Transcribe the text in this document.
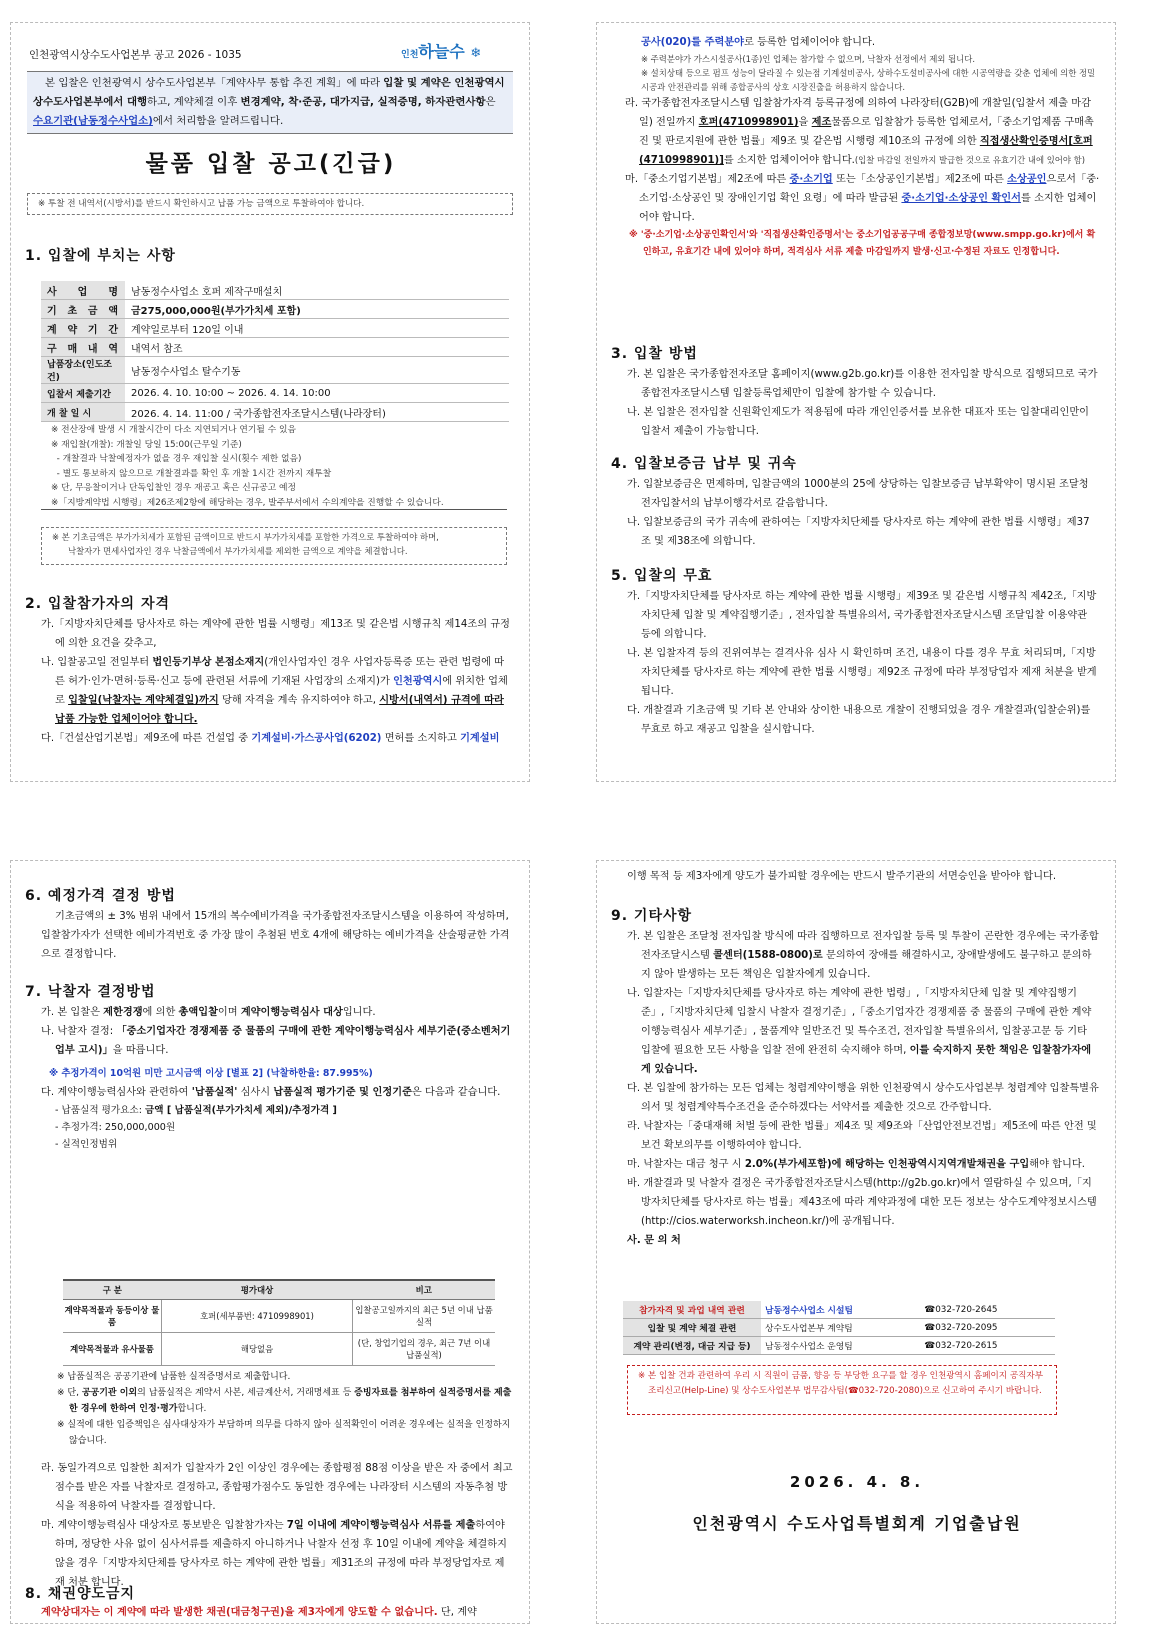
인천광역시상수도사업본부 공고 2026 - 1035	인천하늘수 ❄
본 입찰은 인천광역시 상수도사업본부「계약사무 통합 추진 계획」에 따라 입찰 및 계약은 인천광역시 상수도사업본부에서 대행하고, 계약체결 이후 변경계약, 착·준공, 대가지급, 실적증명, 하자관련사항은 수요기관(남동정수사업소)에서 처리함을 알려드립니다.
물품 입찰 공고(긴급)
※ 투찰 전 내역서(시방서)를 반드시 확인하시고 납품 가능 금액으로 투찰하여야 합니다.
1. 입찰에 부치는 사항
사 업 명	남동정수사업소 호퍼 제작구매설치
기 초 금 액	금275,000,000원(부가가치세 포함)
계 약 기 간	계약일로부터 120일 이내
구 매 내 역	내역서 참조
납품장소(인도조건)	남동정수사업소 탈수기동
입찰서 제출기간	2026. 4. 10. 10:00 ~ 2026. 4. 14. 10:00
개 찰 일 시	2026. 4. 14. 11:00 / 국가종합전자조달시스템(나라장터)
※ 전산장애 발생 시 개찰시간이 다소 지연되거나 연기될 수 있음
※ 재입찰(개찰): 개찰일 당일 15:00(근무일 기준)
- 개찰결과 낙찰예정자가 없을 경우 재입찰 실시(횟수 제한 없음)
- 별도 통보하지 않으므로 개찰결과를 확인 후 개찰 1시간 전까지 재투찰
※ 단, 무응찰이거나 단독입찰인 경우 재공고 혹은 신규공고 예정
※「지방계약법 시행령」제26조제2항에 해당하는 경우, 발주부서에서 수의계약을 진행할 수 있습니다.
※ 본 기초금액은 부가가치세가 포함된 금액이므로 반드시 부가가치세를 포함한 가격으로 투찰하여야 하며,
낙찰자가 면세사업자인 경우 낙찰금액에서 부가가치세를 제외한 금액으로 계약을 체결합니다.
2. 입찰참가자의 자격
가.「지방자치단체를 당사자로 하는 계약에 관한 법률 시행령」제13조 및 같은법 시행규칙 제14조의 규정에 의한 요건을 갖추고,
나. 입찰공고일 전일부터 법인등기부상 본점소재지(개인사업자인 경우 사업자등록증 또는 관련 법령에 따른 허가·인가·면허·등록·신고 등에 관련된 서류에 기재된 사업장의 소재지)가 인천광역시에 위치한 업체로 입찰일(낙찰자는 계약체결일)까지 당해 자격을 계속 유지하여야 하고, 시방서(내역서) 규격에 따라 납품 가능한 업체이어야 합니다.
다.「건설산업기본법」제9조에 따른 건설업 중 기계설비·가스공사업(6202) 면허를 소지하고 기계설비
공사(020)를 주력분야로 등록한 업체이어야 합니다.
※ 주력분야가 가스시설공사(1종)인 업체는 참가할 수 없으며, 낙찰자 선정에서 제외 됩니다.
※ 설치상태 등으로 펌프 성능이 달라질 수 있는점 기계설비공사, 상하수도설비공사에 대한 시공역량을 갖춘 업체에 의한 정밀시공과 안전관리를 위해 종합공사의 상호 시장진출을 허용하지 않습니다.
라. 국가종합전자조달시스템 입찰참가자격 등록규정에 의하여 나라장터(G2B)에 개찰일(입찰서 제출 마감일) 전일까지 호퍼(4710998901)을 제조물품으로 입찰참가 등록한 업체로서,「중소기업제품 구매촉진 및 판로지원에 관한 법률」제9조 및 같은법 시행령 제10조의 규정에 의한 직접생산확인증명서[호퍼(4710998901)]를 소지한 업체이어야 합니다.(입찰 마감일 전일까지 발급한 것으로 유효기간 내에 있어야 함)
마.「중소기업기본법」제2조에 따른 중·소기업 또는「소상공인기본법」제2조에 따른 소상공인으로서「중·소기업·소상공인 및 장애인기업 확인 요령」에 따라 발급된 중·소기업·소상공인 확인서를 소지한 업체이어야 합니다.
※ '중·소기업·소상공인확인서'와 '직접생산확인증명서'는 중소기업공공구매 종합정보망(www.smpp.go.kr)에서 확인하고, 유효기간 내에 있어야 하며, 적격심사 서류 제출 마감일까지 발생·신고·수정된 자료도 인정합니다.
3. 입찰 방법
가. 본 입찰은 국가종합전자조달 홈페이지(www.g2b.go.kr)를 이용한 전자입찰 방식으로 집행되므로 국가종합전자조달시스템 입찰등록업체만이 입찰에 참가할 수 있습니다.
나. 본 입찰은 전자입찰 신원확인제도가 적용됨에 따라 개인인증서를 보유한 대표자 또는 입찰대리인만이 입찰서 제출이 가능합니다.
4. 입찰보증금 납부 및 귀속
가. 입찰보증금은 면제하며, 입찰금액의 1000분의 25에 상당하는 입찰보증금 납부확약이 명시된 조달청 전자입찰서의 납부이행각서로 갈음합니다.
나. 입찰보증금의 국가 귀속에 관하여는「지방자치단체를 당사자로 하는 계약에 관한 법률 시행령」제37조 및 제38조에 의합니다.
5. 입찰의 무효
가.「지방자치단체를 당사자로 하는 계약에 관한 법률 시행령」제39조 및 같은법 시행규칙 제42조,「지방자치단체 입찰 및 계약집행기준」, 전자입찰 특별유의서, 국가종합전자조달시스템 조달입찰 이용약관 등에 의합니다.
나. 본 입찰자격 등의 진위여부는 결격사유 심사 시 확인하며 조건, 내용이 다를 경우 무효 처리되며,「지방자치단체를 당사자로 하는 계약에 관한 법률 시행령」제92조 규정에 따라 부정당업자 제재 처분을 받게 됩니다.
다. 개찰결과 기초금액 및 기타 본 안내와 상이한 내용으로 개찰이 진행되었을 경우 개찰결과(입찰순위)를 무효로 하고 재공고 입찰을 실시합니다.
6. 예정가격 결정 방법
기초금액의 ± 3% 범위 내에서 15개의 복수예비가격을 국가종합전자조달시스템을 이용하여 작성하며, 입찰참가자가 선택한 예비가격번호 중 가장 많이 추첨된 번호 4개에 해당하는 예비가격을 산술평균한 가격으로 결정합니다.
7. 낙찰자 결정방법
가. 본 입찰은 제한경쟁에 의한 총액입찰이며 계약이행능력심사 대상입니다.
나. 낙찰자 결정: 「중소기업자간 경쟁제품 중 물품의 구매에 관한 계약이행능력심사 세부기준(중소벤처기업부 고시)」을 따릅니다.
※ 추정가격이 10억원 미만 고시금액 이상 [별표 2] (낙찰하한율: 87.995%)
다. 계약이행능력심사와 관련하여 '납품실적' 심사시 납품실적 평가기준 및 인정기준은 다음과 같습니다.
- 납품실적 평가요소: 금액 [ 납품실적(부가가치세 제외)/추정가격 ]
- 추정가격: 250,000,000원
- 실적인정범위
구 분	평가대상	비고
계약목적물과 동등이상 물품	호퍼(세부품번: 4710998901)	입찰공고일까지의 최근 5년 이내 납품실적
계약목적물과 유사물품	해당없음	(단, 창업기업의 경우, 최근 7년 이내 납품실적)
※ 납품실적은 공공기관에 납품한 실적증명서로 제출합니다.
※ 단, 공공기관 이외의 납품실적은 계약서 사본, 세금계산서, 거래명세표 등 증빙자료를 첨부하여 실적증명서를 제출한 경우에 한하여 인정·평가합니다.
※ 실적에 대한 입증책임은 심사대상자가 부담하며 의무를 다하지 않아 실적확인이 어려운 경우에는 실적을 인정하지 않습니다.
라. 동일가격으로 입찰한 최저가 입찰자가 2인 이상인 경우에는 종합평점 88점 이상을 받은 자 중에서 최고점수를 받은 자를 낙찰자로 결정하고, 종합평가점수도 동일한 경우에는 나라장터 시스템의 자동추첨 방식을 적용하여 낙찰자를 결정합니다.
마. 계약이행능력심사 대상자로 통보받은 입찰참가자는 7일 이내에 계약이행능력심사 서류를 제출하여야 하며, 정당한 사유 없이 심사서류를 제출하지 아니하거나 낙찰자 선정 후 10일 이내에 계약을 체결하지 않을 경우「지방자치단체를 당사자로 하는 계약에 관한 법률」제31조의 규정에 따라 부정당업자로 제재 처분 합니다.
8. 채권양도금지
계약상대자는 이 계약에 따라 발생한 채권(대금청구권)을 제3자에게 양도할 수 없습니다. 단, 계약
이행 목적 등 제3자에게 양도가 불가피할 경우에는 반드시 발주기관의 서면승인을 받아야 합니다.
9. 기타사항
가. 본 입찰은 조달청 전자입찰 방식에 따라 집행하므로 전자입찰 등록 및 투찰이 곤란한 경우에는 국가종합전자조달시스템 콜센터(1588-0800)로 문의하여 장애를 해결하시고, 장애발생에도 불구하고 문의하지 않아 발생하는 모든 책임은 입찰자에게 있습니다.
나. 입찰자는「지방자치단체를 당사자로 하는 계약에 관한 법령」,「지방자치단체 입찰 및 계약집행기준」,「지방자치단체 입찰시 낙찰자 결정기준」,「중소기업자간 경쟁제품 중 물품의 구매에 관한 계약이행능력심사 세부기준」, 물품계약 일반조건 및 특수조건, 전자입찰 특별유의서, 입찰공고문 등 기타 입찰에 필요한 모든 사항을 입찰 전에 완전히 숙지해야 하며, 이를 숙지하지 못한 책임은 입찰참가자에게 있습니다.
다. 본 입찰에 참가하는 모든 업체는 청렴계약이행을 위한 인천광역시 상수도사업본부 청렴계약 입찰특별유의서 및 청렴계약특수조건을 준수하겠다는 서약서를 제출한 것으로 간주합니다.
라. 낙찰자는「중대재해 처벌 등에 관한 법률」제4조 및 제9조와「산업안전보건법」제5조에 따른 안전 및 보건 확보의무를 이행하여야 합니다.
마. 낙찰자는 대금 청구 시 2.0%(부가세포함)에 해당하는 인천광역시지역개발채권을 구입해야 합니다.
바. 개찰결과 및 낙찰자 결정은 국가종합전자조달시스템(http://g2b.go.kr)에서 열람하실 수 있으며,「지방자치단체를 당사자로 하는 법률」제43조에 따라 계약과정에 대한 모든 정보는 상수도계약정보시스템(http://cios.waterworksh.incheon.kr/)에 공개됩니다.
사. 문 의 처
참가자격 및 과업 내역 관련	남동정수사업소 시설팀	☎032-720-2645
입찰 및 계약 체결 관련	상수도사업본부 계약팀	☎032-720-2095
계약 관리(변경, 대금 지급 등)	남동정수사업소 운영팀	☎032-720-2615
※ 본 입찰 건과 관련하여 우리 시 직원이 금품, 향응 등 부당한 요구를 할 경우 인천광역시 홈페이지 공직자부조리신고(Help-Line) 및 상수도사업본부 법무감사팀(☎032-720-2080)으로 신고하여 주시기 바랍니다.
2026. 4. 8.
인천광역시 수도사업특별회계 기업출납원
